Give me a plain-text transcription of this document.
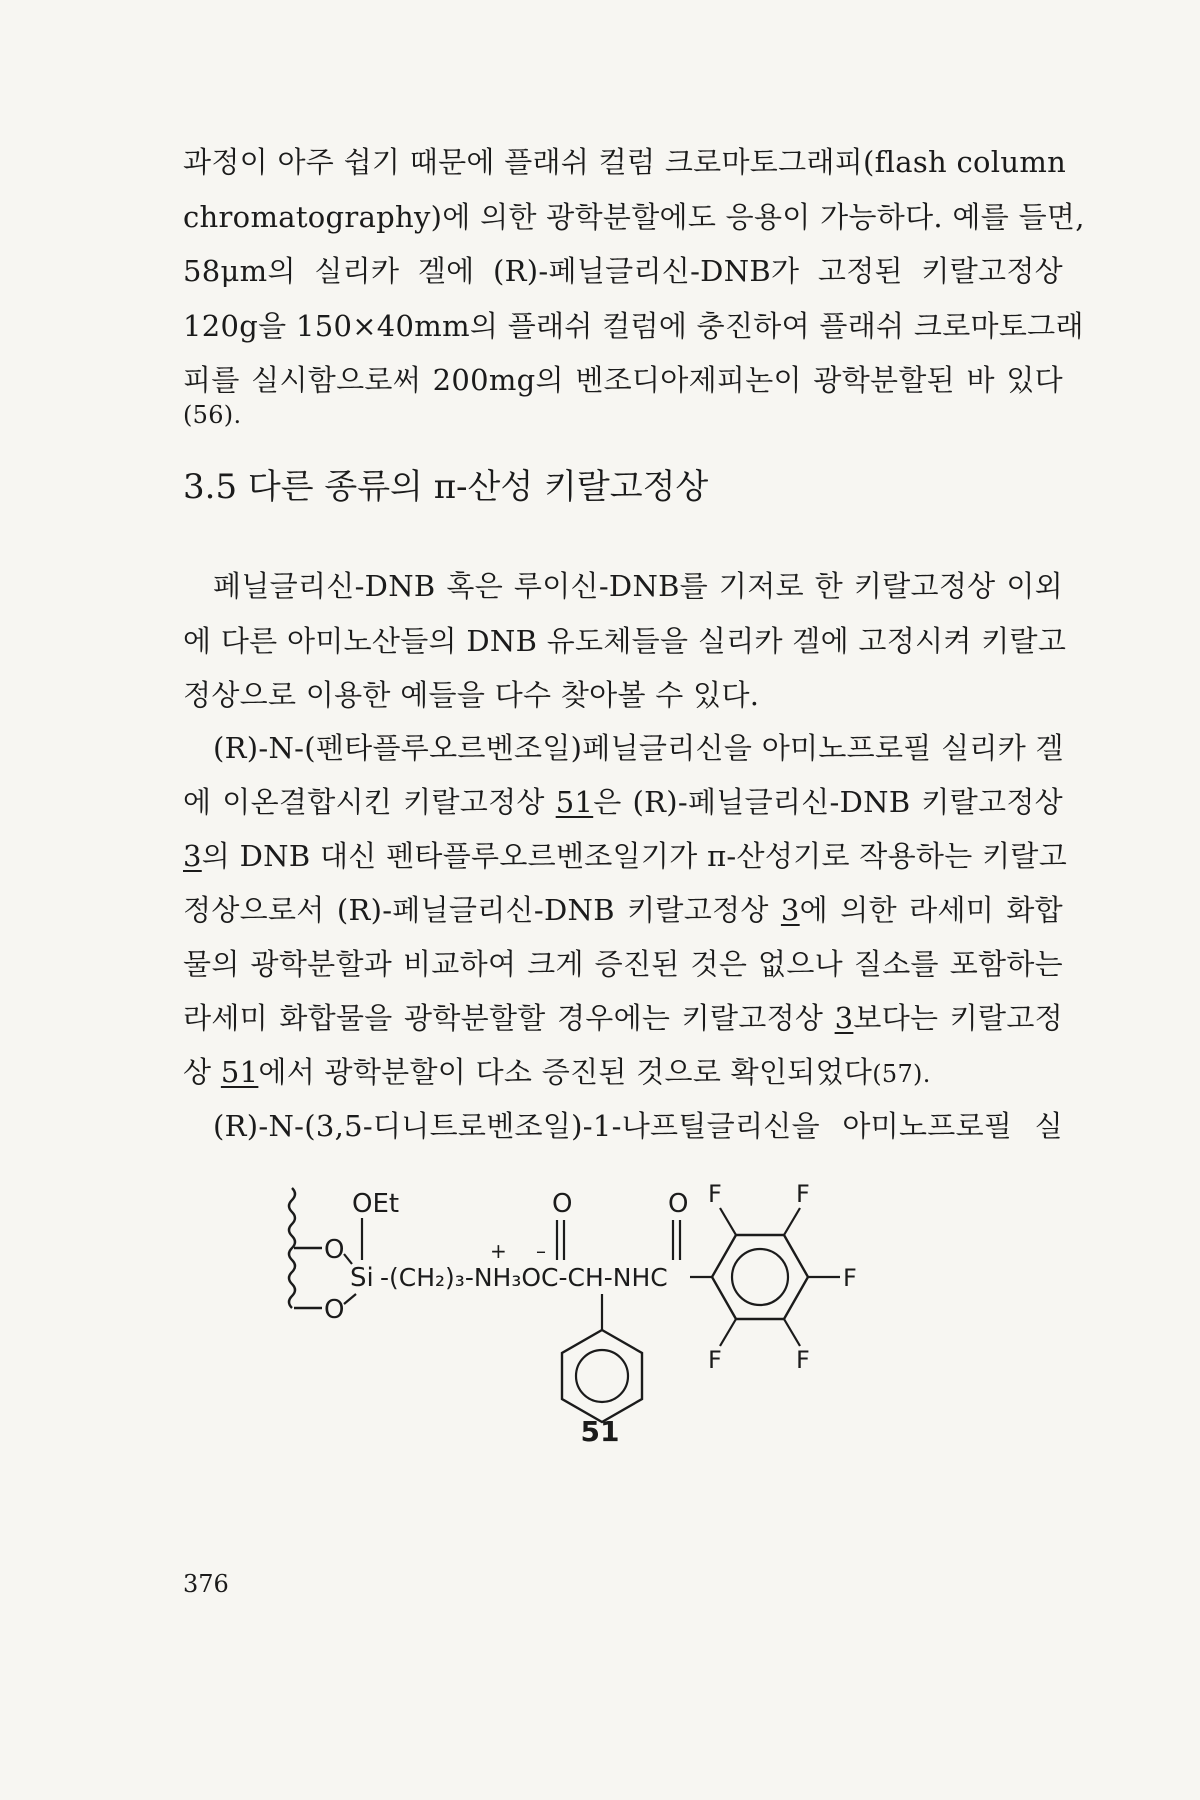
과정이 아주 쉽기 때문에 플래쉬 컬럼 크로마토그래피(flash column
chromatography)에 의한 광학분할에도 응용이 가능하다. 예를 들면,
58μm의 실리카 겔에 (R)-페닐글리신-DNB가 고정된 키랄고정상
120g을 150×40mm의 플래쉬 컬럼에 충진하여 플래쉬 크로마토그래
피를 실시함으로써 200mg의 벤조디아제피논이 광학분할된 바 있다
(56).
3.5 다른 종류의 π-산성 키랄고정상
페닐글리신-DNB 혹은 루이신-DNB를 기저로 한 키랄고정상 이외
에 다른 아미노산들의 DNB 유도체들을 실리카 겔에 고정시켜 키랄고
정상으로 이용한 예들을 다수 찾아볼 수 있다.
(R)-N-(펜타플루오르벤조일)페닐글리신을 아미노프로필 실리카 겔
에 이온결합시킨 키랄고정상 51은 (R)-페닐글리신-DNB 키랄고정상
3의 DNB 대신 펜타플루오르벤조일기가 π-산성기로 작용하는 키랄고
정상으로서 (R)-페닐글리신-DNB 키랄고정상 3에 의한 라세미 화합
물의 광학분할과 비교하여 크게 증진된 것은 없으나 질소를 포함하는
라세미 화합물을 광학분할할 경우에는 키랄고정상 3보다는 키랄고정
상 51에서 광학분할이 다소 증진된 것으로 확인되었다(57).
(R)-N-(3,5-디니트로벤조일)-1-나프틸글리신을 아미노프로필 실
O
O
OEt
Si -(CH₂)₃-NH₃OC-CH-NHC
+ –
O	O F	F
F
F	F
51
376
